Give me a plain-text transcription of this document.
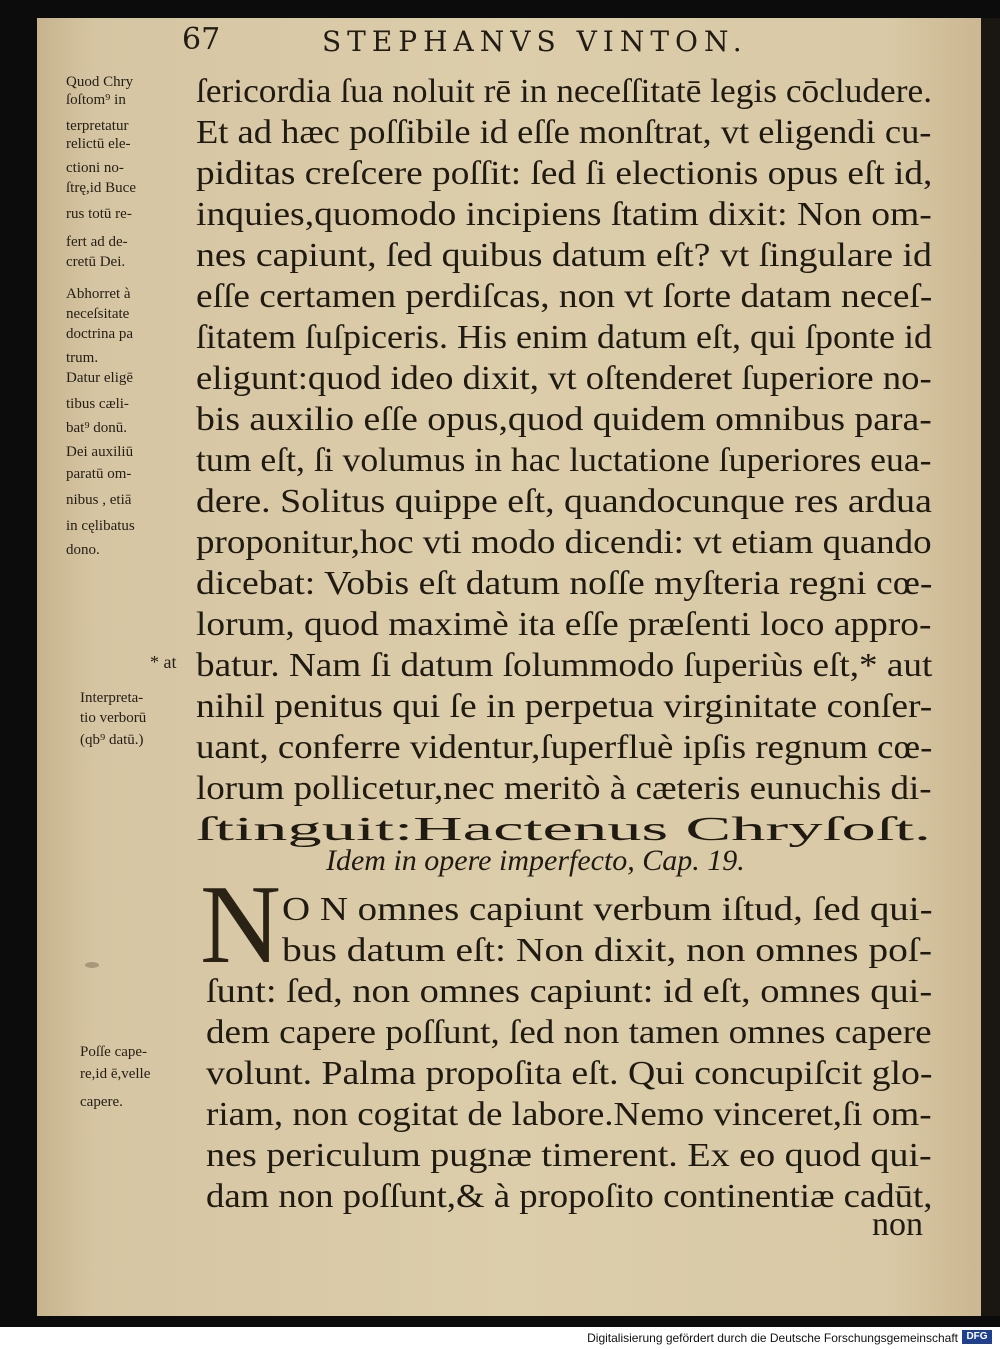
67	STEPHANVS VINTON.
ſericordia ſua noluit rē in neceſſitatē legis cōcludere.
Et ad hæc poſſibile id eſſe monſtrat, vt eligendi cu-
piditas creſcere poſſit: ſed ſi electionis opus eſt id,
inquies,quomodo incipiens ſtatim dixit: Non om-
nes capiunt, ſed quibus datum eſt? vt ſingulare id
eſſe certamen perdiſcas, non vt ſorte datam neceſ-
ſitatem ſuſpiceris. His enim datum eſt, qui ſponte id
eligunt:quod ideo dixit, vt oſtenderet ſuperiore no-
bis auxilio eſſe opus,quod quidem omnibus para-
tum eſt, ſi volumus in hac luctatione ſuperiores eua-
dere. Solitus quippe eſt, quandocunque res ardua
proponitur,hoc vti modo dicendi: vt etiam quando
dicebat: Vobis eſt datum noſſe myſteria regni cœ-
lorum, quod maximè ita eſſe præſenti loco appro-
batur. Nam ſi datum ſolummodo ſuperiùs eſt,* aut
nihil penitus qui ſe in perpetua virginitate conſer-
uant, conferre videntur,ſuperfluè ipſis regnum cœ-
lorum pollicetur,nec meritò à cæteris eunuchis di-
ſtinguit:Hactenus Chryſoſt.
Idem in opere imperfecto, Cap. 19.
N O N omnes capiunt verbum iſtud, ſed qui-
bus datum eſt: Non dixit, non omnes poſ-
ſunt: ſed, non omnes capiunt: id eſt, omnes qui-
dem capere poſſunt, ſed non tamen omnes capere
volunt. Palma propoſita eſt. Qui concupiſcit glo-
riam, non cogitat de labore.Nemo vinceret,ſi om-
nes periculum pugnæ timerent. Ex eo quod qui-
dam non poſſunt,& à propoſito continentiæ cadūt,
non
Quod Chry
ſoſtom⁹ in
terpretatur
relictū ele-
ctioni no-
ſtrę,id Buce
rus totū re-
fert ad de-
cretū Dei.
Abhorret à
neceſsitate
doctrina pa
trum.
Datur eligē
tibus cæli-
bat⁹ donū.
Dei auxiliū
paratū om-
nibus , etiā
in cęlibatus
dono.
* at
Interpreta-
tio verborū
(qb⁹ datū.)
Poſſe cape-
re,id ē,velle
capere.
Digitalisierung gefördert durch die Deutsche Forschungsgemeinschaft DFG
